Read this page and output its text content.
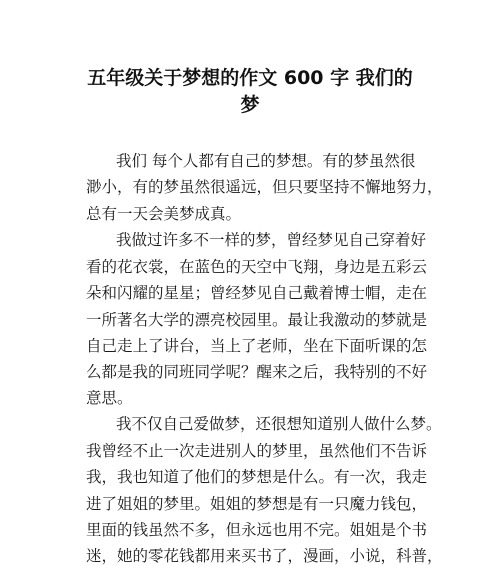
五年级关于梦想的作文 600 字 我们的
梦
我们 每个人都有自己的梦想。有的梦虽然很
渺小，有的梦虽然很遥远，但只要坚持不懈地努力，
总有一天会美梦成真。
我做过许多不一样的梦，曾经梦见自己穿着好
看的花衣裳，在蓝色的天空中飞翔，身边是五彩云
朵和闪耀的星星；曾经梦见自己戴着博士帽，走在
一所著名大学的漂亮校园里。最让我激动的梦就是
自己走上了讲台，当上了老师，坐在下面听课的怎
么都是我的同班同学呢？醒来之后，我特别的不好
意思。
我不仅自己爱做梦，还很想知道别人做什么梦。
我曾经不止一次走进别人的梦里，虽然他们不告诉
我，我也知道了他们的梦想是什么。有一次，我走
进了姐姐的梦里。姐姐的梦想是有一只魔力钱包，
里面的钱虽然不多，但永远也用不完。姐姐是个书
迷，她的零花钱都用来买书了，漫画，小说，科普，
